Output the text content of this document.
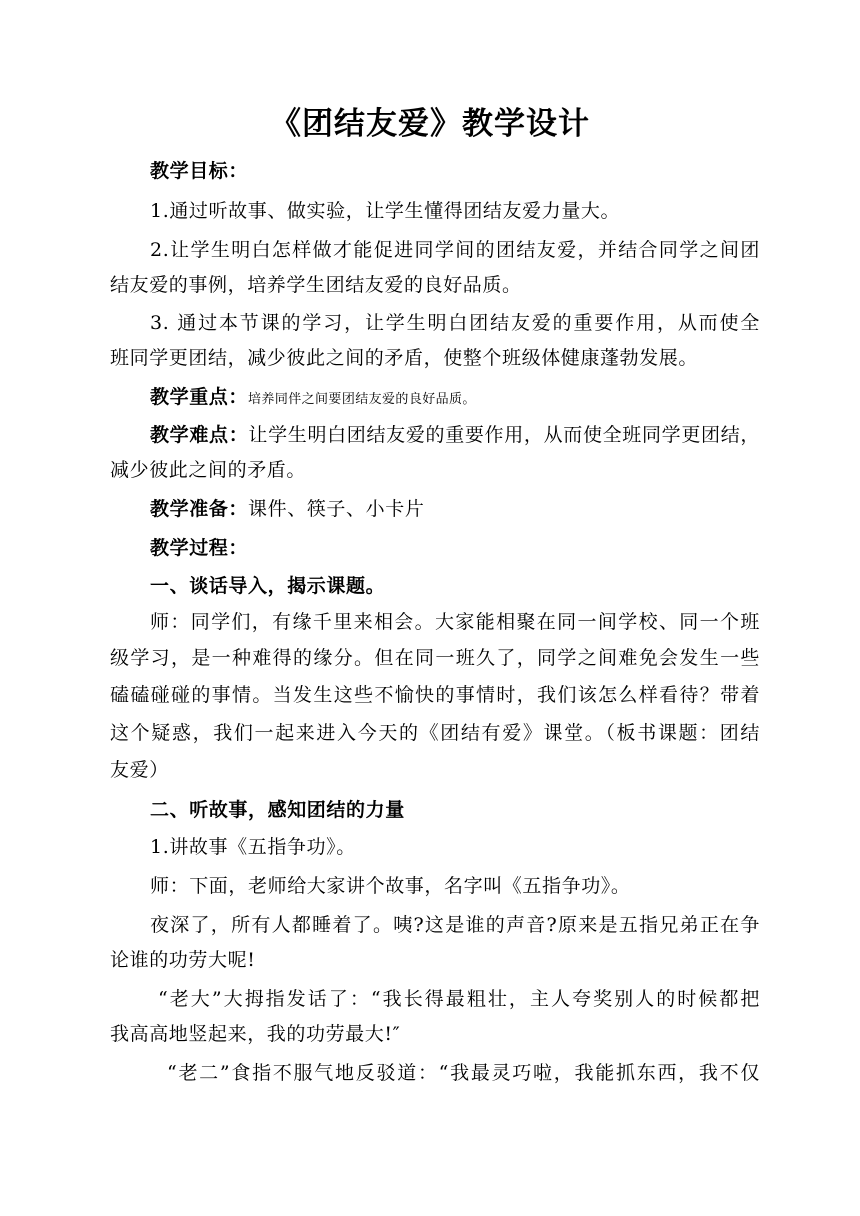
《团结友爱》教学设计
教学目标：
1.通过听故事、做实验，让学生懂得团结友爱力量大。
2.让学生明白怎样做才能促进同学间的团结友爱，并结合同学之间团
结友爱的事例，培养学生团结友爱的良好品质。
3. 通过本节课的学习，让学生明白团结友爱的重要作用，从而使全
班同学更团结，减少彼此之间的矛盾，使整个班级体健康蓬勃发展。
教学重点：培养同伴之间要团结友爱的良好品质。
教学难点：让学生明白团结友爱的重要作用，从而使全班同学更团结，
减少彼此之间的矛盾。
教学准备：课件、筷子、小卡片
教学过程：
一、谈话导入，揭示课题。
师：同学们，有缘千里来相会。大家能相聚在同一间学校、同一个班
级学习，是一种难得的缘分。但在同一班久了，同学之间难免会发生一些
磕磕碰碰的事情。当发生这些不愉快的事情时，我们该怎么样看待？带着
这个疑惑，我们一起来进入今天的《团结有爱》课堂。（板书课题：团结
友爱）
二、听故事，感知团结的力量
1.讲故事《五指争功》。
师：下面，老师给大家讲个故事，名字叫《五指争功》。
夜深了，所有人都睡着了。咦?这是谁的声音?原来是五指兄弟正在争
论谁的功劳大呢!
“老大”大拇指发话了：“我长得最粗壮，主人夸奖别人的时候都把
我高高地竖起来，我的功劳最大!″
“老二”食指不服气地反驳道：“我最灵巧啦，我能抓东西，我不仅
